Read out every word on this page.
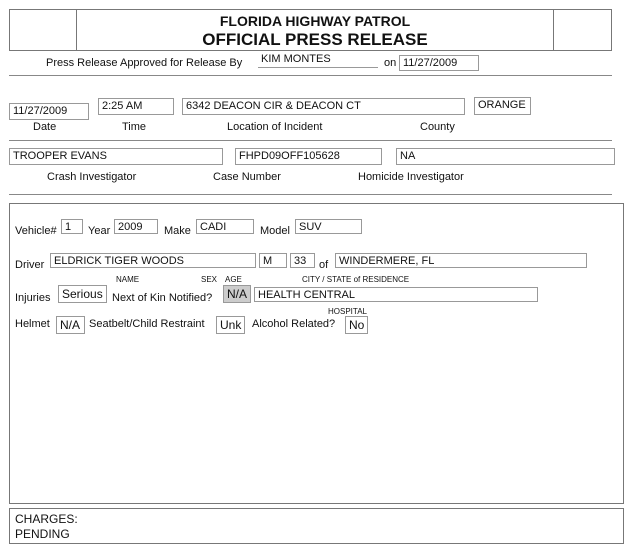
FLORIDA HIGHWAY PATROL
OFFICIAL PRESS RELEASE
Press Release Approved for Release By KIM MONTES	on 11/27/2009
11/27/2009	2:25 AM	6342 DEACON CIR & DEACON CT	ORANGE
Date	Time	Location of Incident	County
TROOPER EVANS	FHPD09OFF105628	NA
Crash Investigator	Case Number	Homicide Investigator
Vehicle# 1	Year 2009	Make CADI	Model SUV
Driver ELDRICK TIGER WOODS	M	33	of WINDERMERE, FL
NAME	SEX AGE	CITY / STATE of RESIDENCE
Injuries Serious Next of Kin Notified?	N/A HEALTH CENTRAL
HOSPITAL
Helmet N/A Seatbelt/Child Restraint	Unk Alcohol Related?	No
CHARGES:
PENDING
